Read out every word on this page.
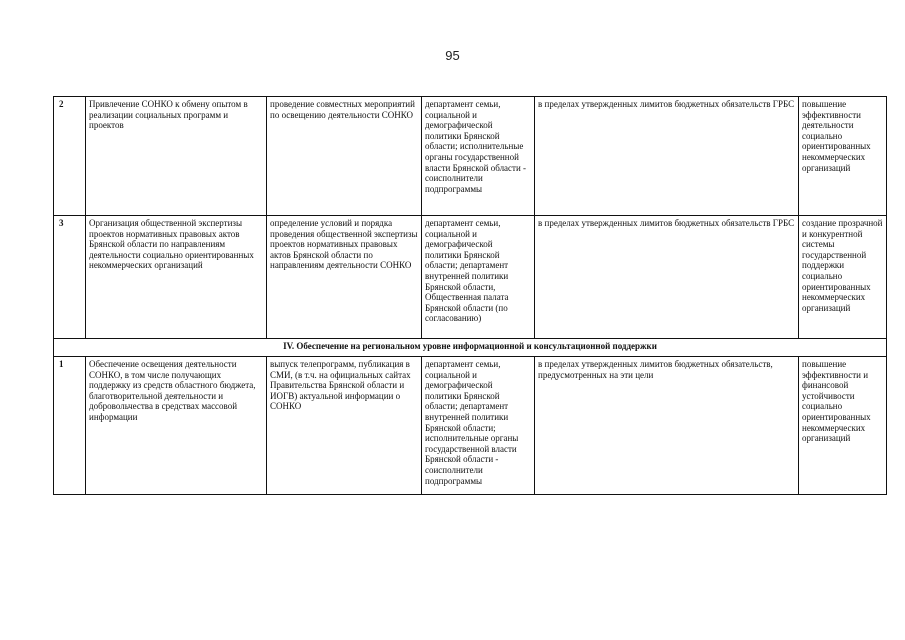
95
2	Привлечение СОНКО к обмену опытом в реализации социальных программ и проектов	проведение совместных мероприятий по освещению деятельности СОНКО	департамент семьи, социальной и демографической политики Брянской области; исполнительные органы государственной власти Брянской области - соисполнители подпрограммы	в пределах утвержденных лимитов бюджетных обязательств ГРБС	повышение эффективности деятельности социально ориентированных некоммерческих организаций
3	Организация общественной экспертизы проектов нормативных правовых актов Брянской области по направлениям деятельности социально ориентированных некоммерческих организаций	определение условий и порядка проведения общественной экспертизы проектов нормативных правовых актов Брянской области по направлениям деятельности СОНКО	департамент семьи, социальной и демографической политики Брянской области; департамент внутренней политики Брянской области, Общественная палата Брянской области (по согласованию)	в пределах утвержденных лимитов бюджетных обязательств ГРБС	создание прозрачной и конкурентной системы государственной поддержки социально ориентированных некоммерческих организаций
IV. Обеспечение на региональном уровне информационной и консультационной поддержки					
1	Обеспечение освещения деятельности СОНКО, в том числе получающих поддержку из средств областного бюджета, благотворительной деятельности и добровольчества в средствах массовой информации	выпуск телепрограмм, публикация в СМИ, (в т.ч. на официальных сайтах Правительства Брянской области и ИОГВ) актуальной информации о СОНКО	департамент семьи, социальной и демографической политики Брянской области; департамент внутренней политики Брянской области; исполнительные органы государственной власти Брянской области - соисполнители подпрограммы	в пределах утвержденных лимитов бюджетных обязательств, предусмотренных на эти цели	повышение эффективности и финансовой устойчивости социально ориентированных некоммерческих организаций
